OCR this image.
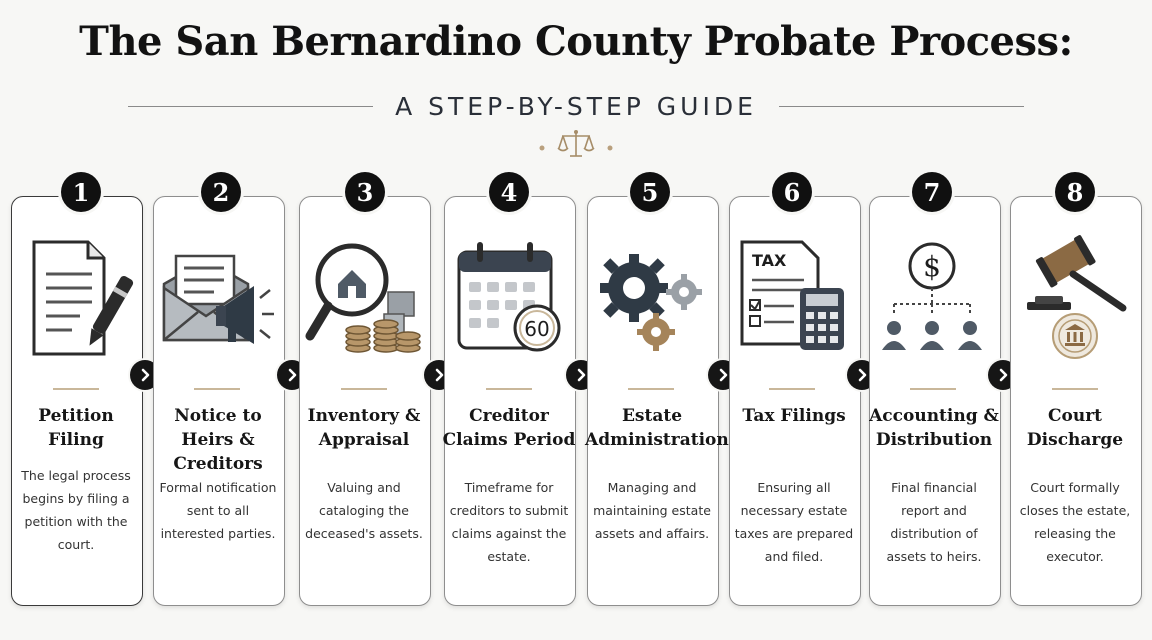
The San Bernardino County Probate Process:
A STEP-BY-STEP GUIDE
1
Petition Filing
The legal process begins by filing a petition with the court.
2
Notice to Heirs & Creditors
Formal notification sent to all interested parties.
3
Inventory & Appraisal
Valuing and cataloging the deceased's assets.
4
60
Creditor Claims Period
Timeframe for creditors to submit claims against the estate.
5
Estate Administration
Managing and maintaining estate assets and affairs.
6
TAX
Tax Filings
Ensuring all necessary estate taxes are prepared and filed.
7
$
Accounting & Distribution
Final financial report and distribution of assets to heirs.
8
Court Discharge
Court formally closes the estate, releasing the executor.
